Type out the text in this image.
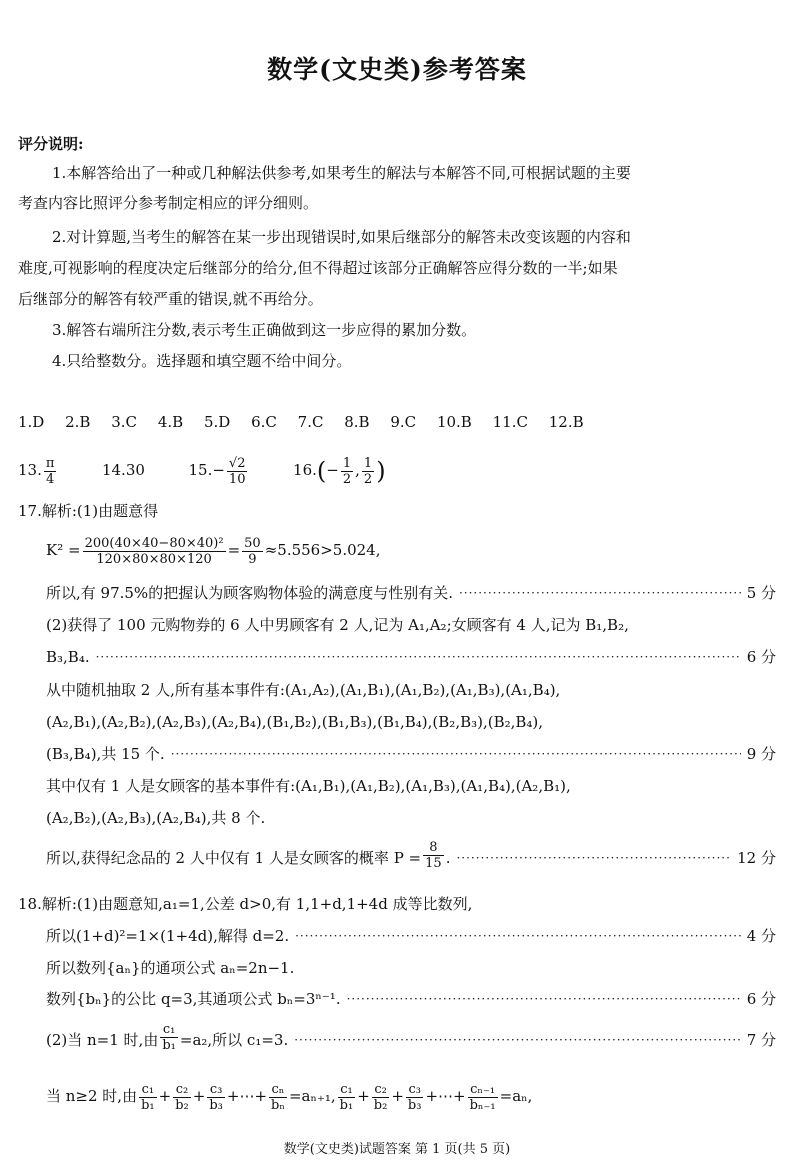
数学(文史类)参考答案
评分说明:
1.本解答给出了一种或几种解法供参考,如果考生的解法与本解答不同,可根据试题的主要
考查内容比照评分参考制定相应的评分细则。
2.对计算题,当考生的解答在某一步出现错误时,如果后继部分的解答未改变该题的内容和
难度,可视影响的程度决定后继部分的给分,但不得超过该部分正确解答应得分数的一半;如果
后继部分的解答有较严重的错误,就不再给分。
3.解答右端所注分数,表示考生正确做到这一步应得的累加分数。
4.只给整数分。选择题和填空题不给中间分。
1.D 2.B 3.C 4.B 5.D 6.C 7.C 8.B 9.C 10.B 11.C 12.B
13. $\frac{\pi}{4}$	14.30	$15.- \frac{√2}{10}$	$16.(- \frac{1}{2}$ , $\frac{1}{2}$ )
17.解析:(1)由题意得
$K^2 = \frac{\text{200(40×40−80×40)²}}{120\times 80\times 80\times 120} = \frac{50}{9} \approx 5.556>5.024$,
所以,有 97.5%的把握认为顾客购物体验的满意度与性别有关. ·····	5 分
(2)获得了 100 元购物券的 6 人中男顾客有 2 人,记为 A₁,A₂;女顾客有 4 人,记为 B₁,B₂,
B₃,B₄. ·····	6 分
从中随机抽取 2 人,所有基本事件有:(A₁,A₂),(A₁,B₁),(A₁,B₂),(A₁,B₃),(A₁,B₄),
(A₂,B₁),(A₂,B₂),(A₂,B₃),(A₂,B₄),(B₁,B₂),(B₁,B₃),(B₁,B₄),(B₂,B₃),(B₂,B₄),
(B₃,B₄),共 15 个. ·····	9 分
其中仅有 1 人是女顾客的基本事件有:(A₁,B₁),(A₁,B₂),(A₁,B₃),(A₁,B₄),(A₂,B₁),
(A₂,B₂),(A₂,B₃),(A₂,B₄),共 8 个.
所以,获得纪念品的 2 人中仅有 1 人是女顾客的概率 $P = \frac{8}{15}$ . ·····	12 分
18.解析:(1)由题意知,a₁=1,公差 d>0,有 1,1+d,1+4d 成等比数列,
所以(1+d)²=1×(1+4d),解得 d=2. ·····	4 分
所以数列{aₙ}的通项公式 aₙ=2n−1.
数列{bₙ}的公比 q=3,其通项公式 bₙ=3ⁿ⁻¹. ·····	6 分
(2)当 n=1 时,由 $\frac{\text{c₁}}{\text{b₁}} =a_2$,所以 c₁=3. ·····	7 分
当 n≥2 时,由 $\frac{\text{c₁}}{\text{b₁}} + \frac{\text{c₂}}{\text{b₂}} + \frac{\text{c₃}}{\text{b₃}}$ +⋯+ $\frac{\text{cₙ}}{\text{bₙ}} =a_{n+1}$, $\frac{\text{c₁}}{\text{b₁}} + \frac{\text{c₂}}{\text{b₂}} + \frac{\text{c₃}}{\text{b₃}}$ +⋯+ $\frac{\text{cₙ₋₁}}{\text{bₙ₋₁}} =a_n$,
数学(文史类)试题答案 第 1 页(共 5 页)
